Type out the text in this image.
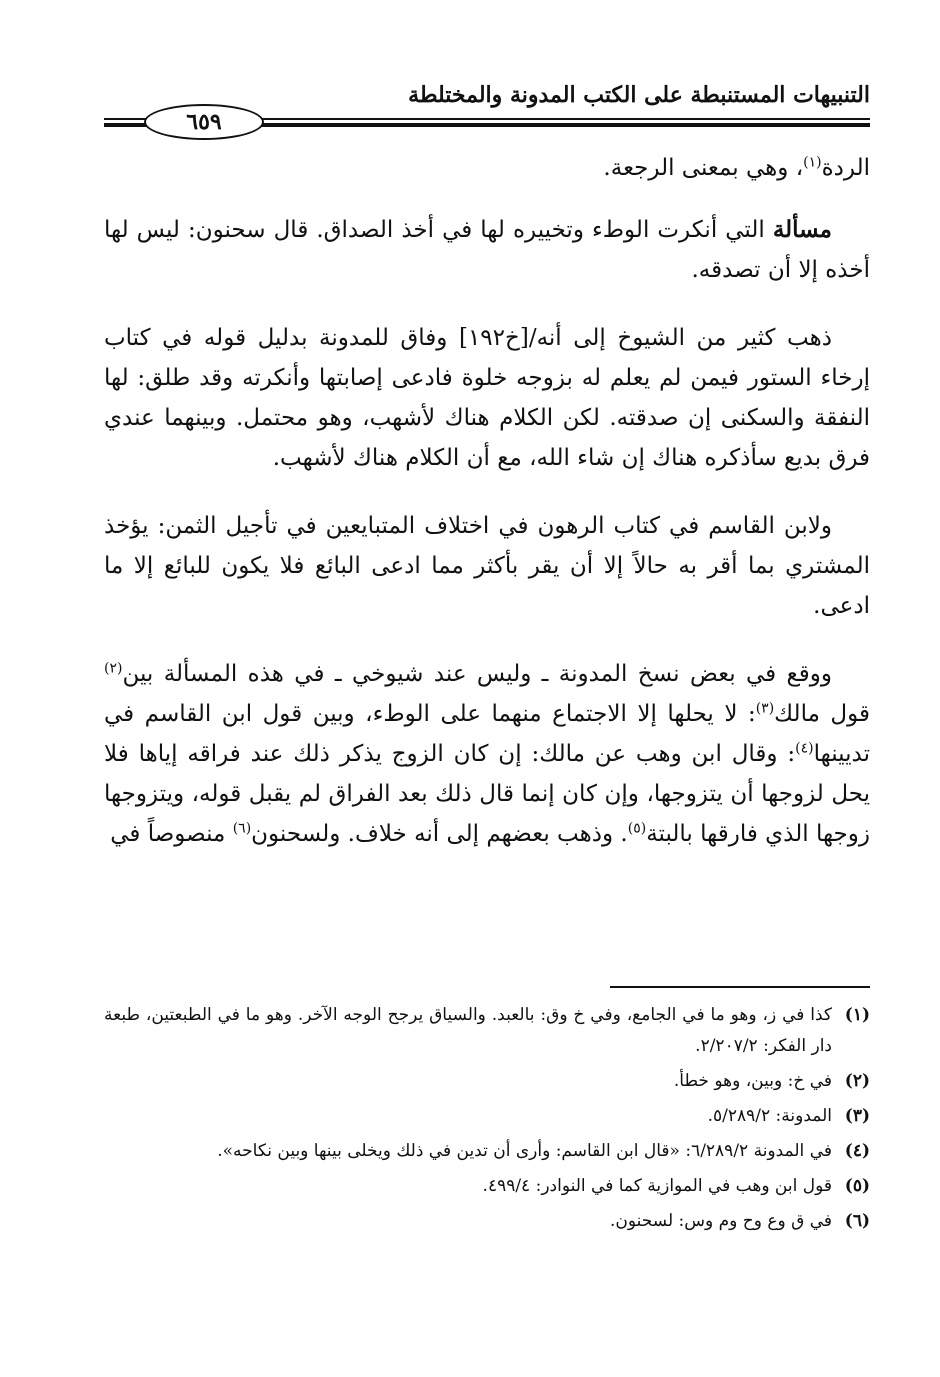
التنبيهات المستنبطة على الكتب المدونة والمختلطة
٦٥٩

الردة$^{(١)}$، وهي بمعنى الرجعة.

مسألة التي أنكرت الوطء وتخييره لها في أخذ الصداق. قال سحنون: ليس لها أخذه إلا أن تصدقه.

ذهب كثير من الشيوخ إلى أنه/[خ١٩٢] وفاق للمدونة بدليل قوله في كتاب إرخاء الستور فيمن لم يعلم له بزوجه خلوة فادعى إصابتها وأنكرته وقد طلق: لها النفقة والسكنى إن صدقته. لكن الكلام هناك لأشهب، وهو محتمل. وبينهما عندي فرق بديع سأذكره هناك إن شاء الله، مع أن الكلام هناك لأشهب.

ولابن القاسم في كتاب الرهون في اختلاف المتبايعين في تأجيل الثمن: يؤخذ المشتري بما أقر به حالاً إلا أن يقر بأكثر مما ادعى البائع فلا يكون للبائع إلا ما ادعى.

ووقع في بعض نسخ المدونة ـ وليس عند شيوخي ـ في هذه المسألة بين$^{(٢)}$ قول مالك$^{(٣)}$: لا يحلها إلا الاجتماع منهما على الوطء، وبين قول ابن القاسم في تديينها$^{(٤)}$: وقال ابن وهب عن مالك: إن كان الزوج يذكر ذلك عند فراقه إياها فلا يحل لزوجها أن يتزوجها، وإن كان إنما قال ذلك بعد الفراق لم يقبل قوله، ويتزوجها زوجها الذي فارقها بالبتة$^{(٥)}$. وذهب بعضهم إلى أنه خلاف. ولسحنون$^{(٦)}$ منصوصاً في

(١)
كذا في ز، وهو ما في الجامع، وفي خ وق: بالعبد. والسياق يرجح الوجه الآخر. وهو ما في الطبعتين، طبعة دار الفكر: ٢/٢٠٧/٢.
(٢)
في خ: وبين، وهو خطأ.
(٣)
المدونة: ٥/٢٨٩/٢.
(٤)
في المدونة ٦/٢٨٩/٢: «قال ابن القاسم: وأرى أن تدين في ذلك ويخلى بينها وبين نكاحه».
(٥)
قول ابن وهب في الموازية كما في النوادر: ٤٩٩/٤.
(٦)
في ق وع وح وم وس: لسحنون.
